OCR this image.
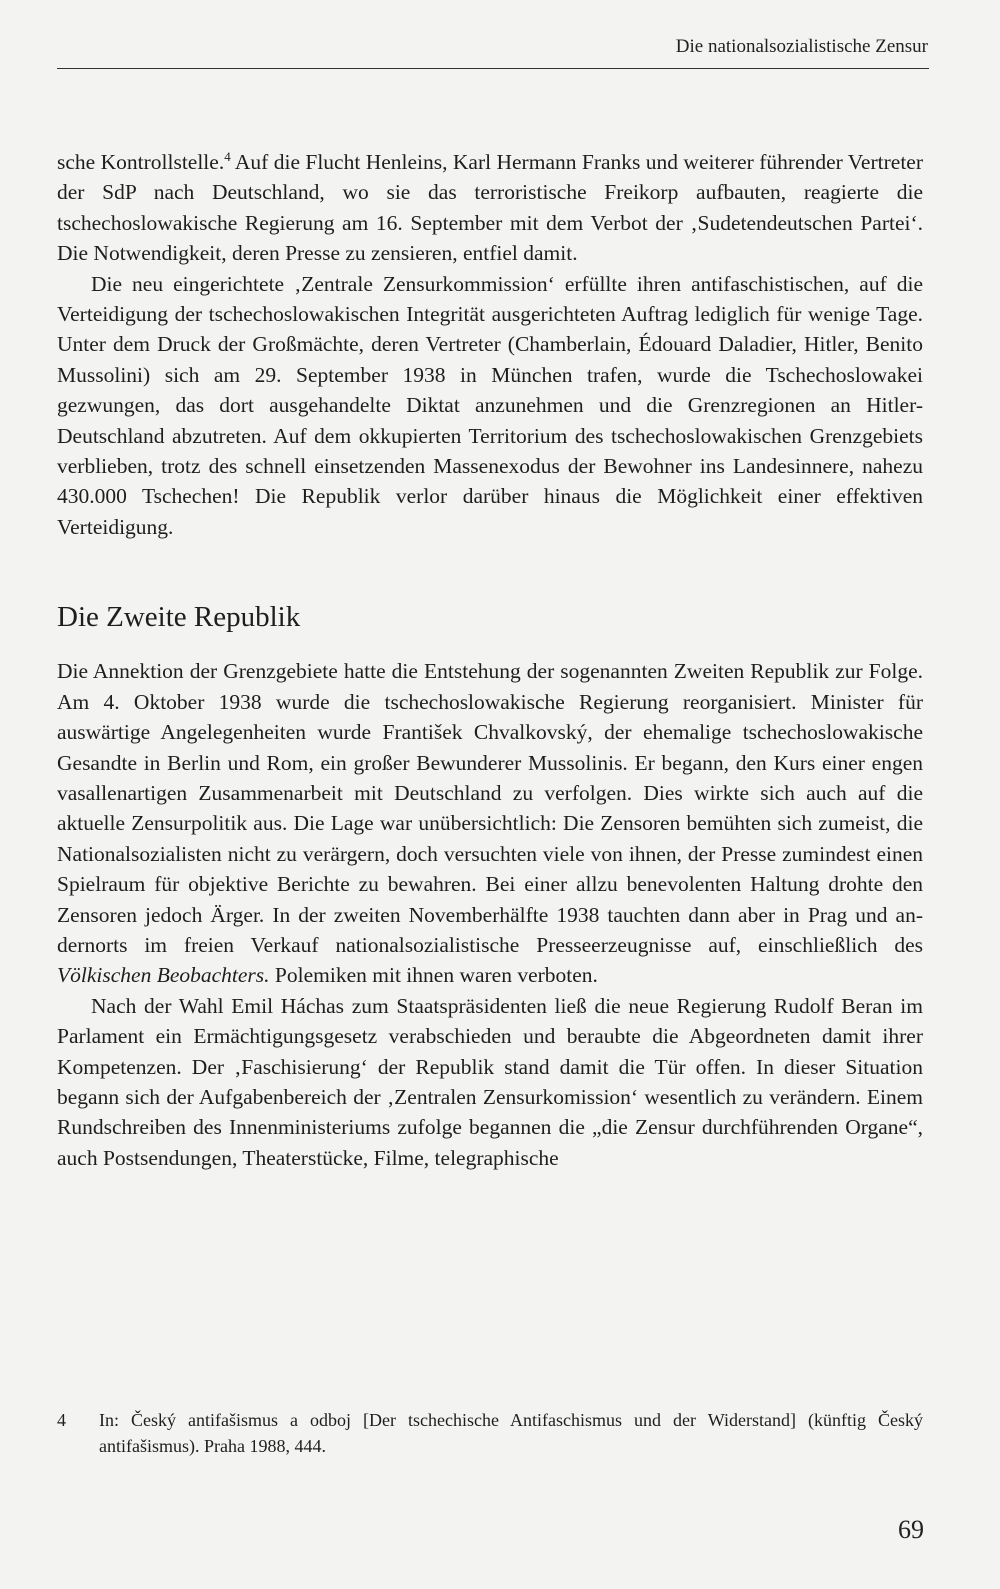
Die nationalsozialistische Zensur

sche Kontrollstelle.$^4$ Auf die Flucht Henleins, Karl Hermann Franks und weiterer führender Vertreter der SdP nach Deutschland, wo sie das terroristische Freikorp aufbauten, reagierte die tschechoslowakische Regierung am 16. September mit dem Verbot der ‚Sudetendeutschen Partei‘. Die Notwendigkeit, deren Presse zu zensieren, entfiel damit.

Die neu eingerichtete ‚Zentrale Zensurkommission‘ erfüllte ihren antifaschistischen, auf die Verteidigung der tschechoslowakischen Integrität ausgerichteten Auftrag lediglich für wenige Tage. Unter dem Druck der Großmächte, deren Vertreter (Chamberlain, Édouard Daladier, Hitler, Benito Mussolini) sich am 29. September 1938 in München trafen, wurde die Tschechoslowakei gezwungen, das dort ausgehandelte Diktat anzunehmen und die Grenzregionen an Hitler-Deutschland abzutreten. Auf dem okkupierten Territorium des tschechoslowakischen Grenzgebiets verblieben, trotz des schnell einsetzenden Massenexodus der Bewohner ins Landesinnere, nahezu 430.000 Tschechen! Die Republik verlor darüber hinaus die Möglichkeit einer effektiven Verteidigung.

Die Zweite Republik

Die Annektion der Grenzgebiete hatte die Entstehung der sogenannten Zweiten Republik zur Folge. Am 4. Oktober 1938 wurde die tschechoslowakische Regierung reorganisiert. Minister für auswärtige Angelegenheiten wurde František Chvalkovský, der ehemalige tschechoslowakische Gesandte in Berlin und Rom, ein großer Bewunderer Mussolinis. Er begann, den Kurs einer engen vasallenartigen Zusammenarbeit mit Deutschland zu verfolgen. Dies wirkte sich auch auf die aktuelle Zensurpolitik aus. Die Lage war unübersichtlich: Die Zensoren bemühten sich zumeist, die Nationalsozialisten nicht zu verärgern, doch versuchten viele von ihnen, der Presse zumindest einen Spielraum für objektive Berichte zu bewahren. Bei einer allzu benevolenten Haltung drohte den Zensoren jedoch Ärger. In der zweiten Novemberhälfte 1938 tauchten dann aber in Prag und andernorts im freien Verkauf nationalsozialistische Presseerzeugnisse auf, einschließlich des Völkischen Beobachters. Polemiken mit ihnen waren verboten.

Nach der Wahl Emil Háchas zum Staatspräsidenten ließ die neue Regierung Rudolf Beran im Parlament ein Ermächtigungsgesetz verabschieden und beraubte die Abgeordneten damit ihrer Kompetenzen. Der ‚Faschisierung‘ der Republik stand damit die Tür offen. In dieser Situation begann sich der Aufgabenbereich der ‚Zentralen Zensurkomission‘ wesentlich zu verändern. Einem Rundschreiben des Innenministeriums zufolge begannen die „die Zensur durchführenden Organe“, auch Postsendungen, Theaterstücke, Filme, telegraphische

4 In: Český antifašismus a odboj [Der tschechische Antifaschismus und der Widerstand] (künftig Český antifašismus). Praha 1988, 444.
69
